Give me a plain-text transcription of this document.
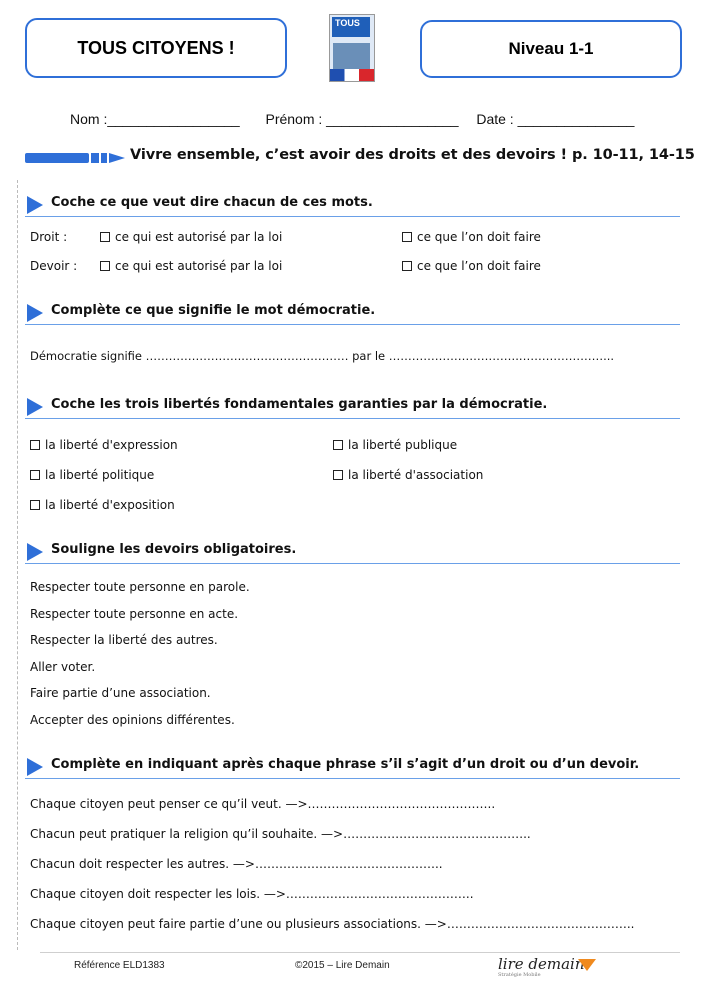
TOUS CITOYENS !
TOUS
Niveau 1-1
Nom :_________________ Prénom : _________________ Date : _______________
Vivre ensemble, c’est avoir des droits et des devoirs ! p. 10-11, 14-15
Coche ce que veut dire chacun de ces mots.
Droit :	ce qui est autorisé par la loi	ce que l’on doit faire
Devoir :	ce qui est autorisé par la loi	ce que l’on doit faire
Complète ce que signifie le mot démocratie.
Démocratie signifie ……………………..……………………… par le ……………………………..…………………...
Coche les trois libertés fondamentales garanties par la démocratie.
la liberté d'expression	la liberté publique
la liberté politique	la liberté d'association
la liberté d'exposition
Souligne les devoirs obligatoires.
Respecter toute personne en parole.
Respecter toute personne en acte.
Respecter la liberté des autres.
Aller voter.
Faire partie d’une association.
Accepter des opinions différentes.
Complète en indiquant après chaque phrase s’il s’agit d’un droit ou d’un devoir.
Chaque citoyen peut penser ce qu’il veut. —>………………………………………..
Chacun peut pratiquer la religion qu’il souhaite. —>………………………………………..
Chacun doit respecter les autres. —>………………………………………..
Chaque citoyen doit respecter les lois. —>………………………………………..
Chaque citoyen peut faire partie d’une ou plusieurs associations. —>………………………………………..
Référence ELD1383	©2015 – Lire Demain	lire demain
Stratégie Mobile
